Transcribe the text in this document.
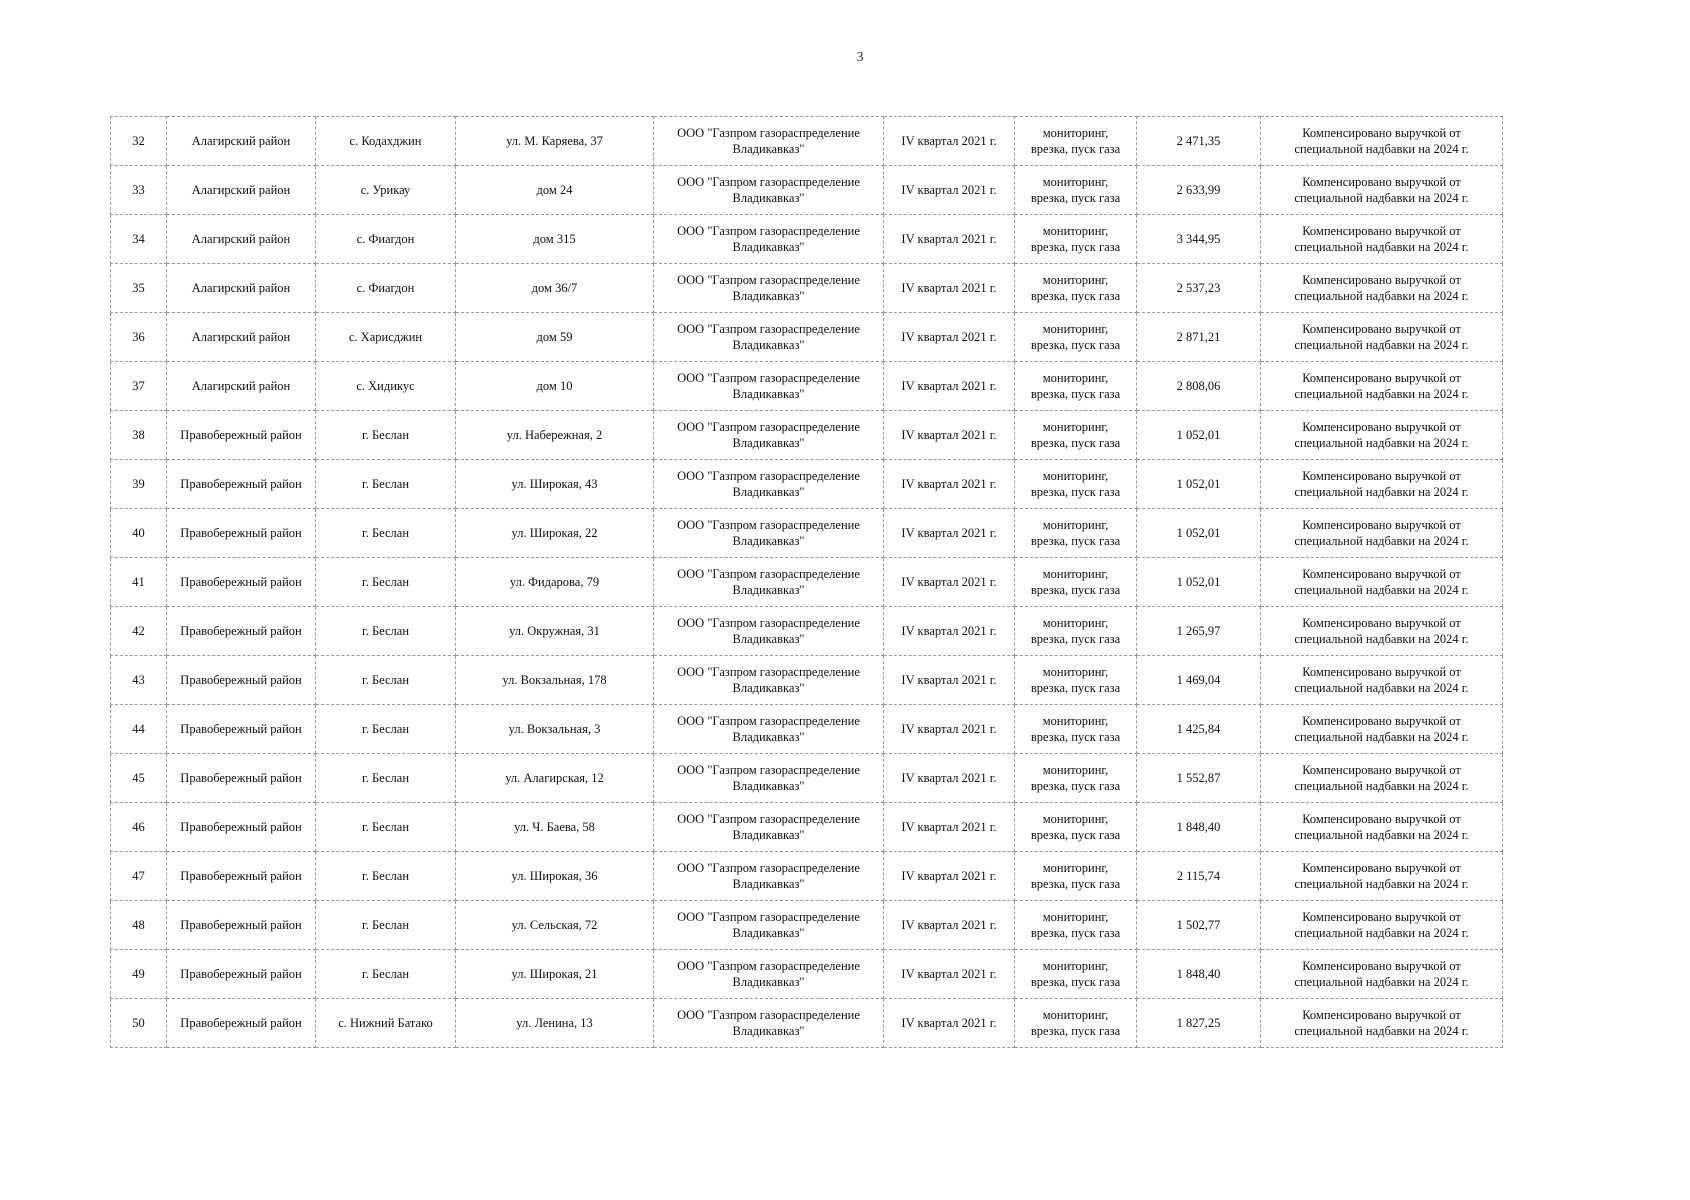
3
32	Алагирский район	с. Кодахджин	ул. М. Каряева, 37	ООО "Газпром газораспределение
Владикавказ"	IV квартал 2021 г.	мониторинг,
врезка, пуск газа	2 471,35	Компенсировано выручкой от
специальной надбавки на 2024 г.

33	Алагирский район	с. Урикау	дом 24	ООО "Газпром газораспределение
Владикавказ"	IV квартал 2021 г.	мониторинг,
врезка, пуск газа	2 633,99	Компенсировано выручкой от
специальной надбавки на 2024 г.

34	Алагирский район	с. Фиагдон	дом 315	ООО "Газпром газораспределение
Владикавказ"	IV квартал 2021 г.	мониторинг,
врезка, пуск газа	3 344,95	Компенсировано выручкой от
специальной надбавки на 2024 г.

35	Алагирский район	с. Фиагдон	дом 36/7	ООО "Газпром газораспределение
Владикавказ"	IV квартал 2021 г.	мониторинг,
врезка, пуск газа	2 537,23	Компенсировано выручкой от
специальной надбавки на 2024 г.

36	Алагирский район	с. Харисджин	дом 59	ООО "Газпром газораспределение
Владикавказ"	IV квартал 2021 г.	мониторинг,
врезка, пуск газа	2 871,21	Компенсировано выручкой от
специальной надбавки на 2024 г.

37	Алагирский район	с. Хидикус	дом 10	ООО "Газпром газораспределение
Владикавказ"	IV квартал 2021 г.	мониторинг,
врезка, пуск газа	2 808,06	Компенсировано выручкой от
специальной надбавки на 2024 г.

38	Правобережный район	г. Беслан	ул. Набережная, 2	ООО "Газпром газораспределение
Владикавказ"	IV квартал 2021 г.	мониторинг,
врезка, пуск газа	1 052,01	Компенсировано выручкой от
специальной надбавки на 2024 г.

39	Правобережный район	г. Беслан	ул. Широкая, 43	ООО "Газпром газораспределение
Владикавказ"	IV квартал 2021 г.	мониторинг,
врезка, пуск газа	1 052,01	Компенсировано выручкой от
специальной надбавки на 2024 г.

40	Правобережный район	г. Беслан	ул. Широкая, 22	ООО "Газпром газораспределение
Владикавказ"	IV квартал 2021 г.	мониторинг,
врезка, пуск газа	1 052,01	Компенсировано выручкой от
специальной надбавки на 2024 г.

41	Правобережный район	г. Беслан	ул. Фидарова, 79	ООО "Газпром газораспределение
Владикавказ"	IV квартал 2021 г.	мониторинг,
врезка, пуск газа	1 052,01	Компенсировано выручкой от
специальной надбавки на 2024 г.

42	Правобережный район	г. Беслан	ул. Окружная, 31	ООО "Газпром газораспределение
Владикавказ"	IV квартал 2021 г.	мониторинг,
врезка, пуск газа	1 265,97	Компенсировано выручкой от
специальной надбавки на 2024 г.

43	Правобережный район	г. Беслан	ул. Вокзальная, 178	ООО "Газпром газораспределение
Владикавказ"	IV квартал 2021 г.	мониторинг,
врезка, пуск газа	1 469,04	Компенсировано выручкой от
специальной надбавки на 2024 г.

44	Правобережный район	г. Беслан	ул. Вокзальная, 3	ООО "Газпром газораспределение
Владикавказ"	IV квартал 2021 г.	мониторинг,
врезка, пуск газа	1 425,84	Компенсировано выручкой от
специальной надбавки на 2024 г.

45	Правобережный район	г. Беслан	ул. Алагирская, 12	ООО "Газпром газораспределение
Владикавказ"	IV квартал 2021 г.	мониторинг,
врезка, пуск газа	1 552,87	Компенсировано выручкой от
специальной надбавки на 2024 г.

46	Правобережный район	г. Беслан	ул. Ч. Баева, 58	ООО "Газпром газораспределение
Владикавказ"	IV квартал 2021 г.	мониторинг,
врезка, пуск газа	1 848,40	Компенсировано выручкой от
специальной надбавки на 2024 г.

47	Правобережный район	г. Беслан	ул. Широкая, 36	ООО "Газпром газораспределение
Владикавказ"	IV квартал 2021 г.	мониторинг,
врезка, пуск газа	2 115,74	Компенсировано выручкой от
специальной надбавки на 2024 г.

48	Правобережный район	г. Беслан	ул. Сельская, 72	ООО "Газпром газораспределение
Владикавказ"	IV квартал 2021 г.	мониторинг,
врезка, пуск газа	1 502,77	Компенсировано выручкой от
специальной надбавки на 2024 г.

49	Правобережный район	г. Беслан	ул. Широкая, 21	ООО "Газпром газораспределение
Владикавказ"	IV квартал 2021 г.	мониторинг,
врезка, пуск газа	1 848,40	Компенсировано выручкой от
специальной надбавки на 2024 г.

50	Правобережный район	с. Нижний Батако	ул. Ленина, 13	ООО "Газпром газораспределение
Владикавказ"	IV квартал 2021 г.	мониторинг,
врезка, пуск газа	1 827,25	Компенсировано выручкой от
специальной надбавки на 2024 г.
